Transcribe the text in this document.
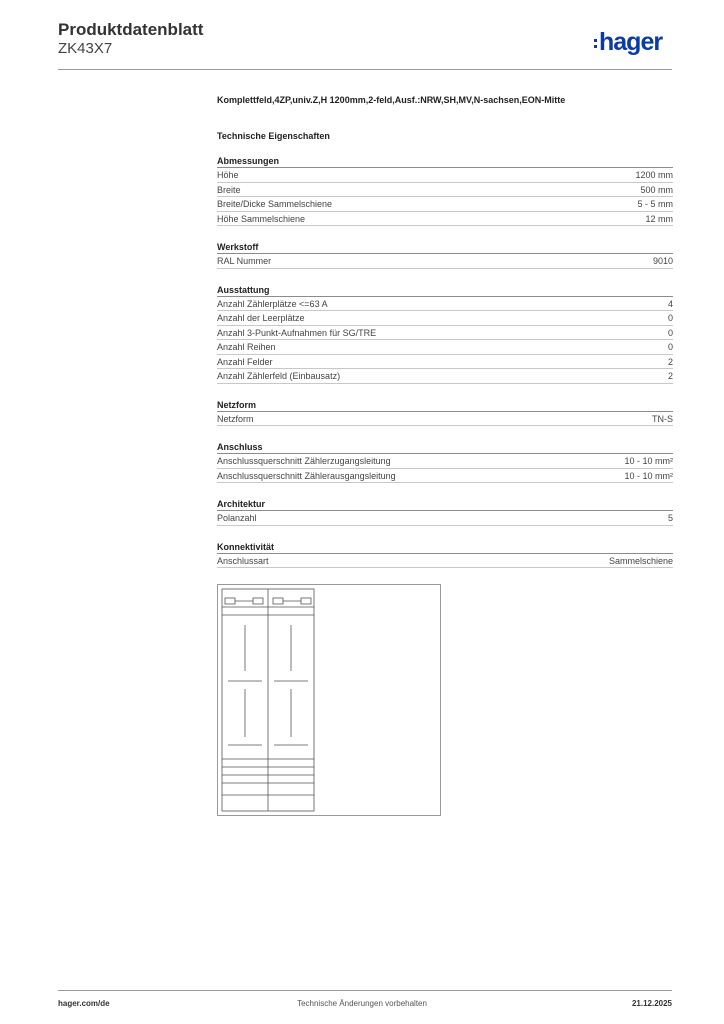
Produktdatenblatt
ZK43X7	hager
Komplettfeld,4ZP,univ.Z,H 1200mm,2-feld,Ausf.:NRW,SH,MV,N-sachsen,EON-Mitte
Technische Eigenschaften
Abmessungen
Höhe	1200 mm
Breite	500 mm
Breite/Dicke Sammelschiene	5 - 5 mm
Höhe Sammelschiene	12 mm
Werkstoff
RAL Nummer	9010
Ausstattung
Anzahl Zählerplätze <=63 A	4
Anzahl der Leerplätze	0
Anzahl 3-Punkt-Aufnahmen für SG/TRE	0
Anzahl Reihen	0
Anzahl Felder	2
Anzahl Zählerfeld (Einbausatz)	2
Netzform
Netzform	TN-S
Anschluss
Anschlussquerschnitt Zählerzugangsleitung	10 - 10 mm²
Anschlussquerschnitt Zählerausgangsleitung	10 - 10 mm²
Architektur
Polanzahl	5
Konnektivität
Anschlussart	Sammelschiene
hager.com/de	Technische Änderungen vorbehalten	21.12.2025
